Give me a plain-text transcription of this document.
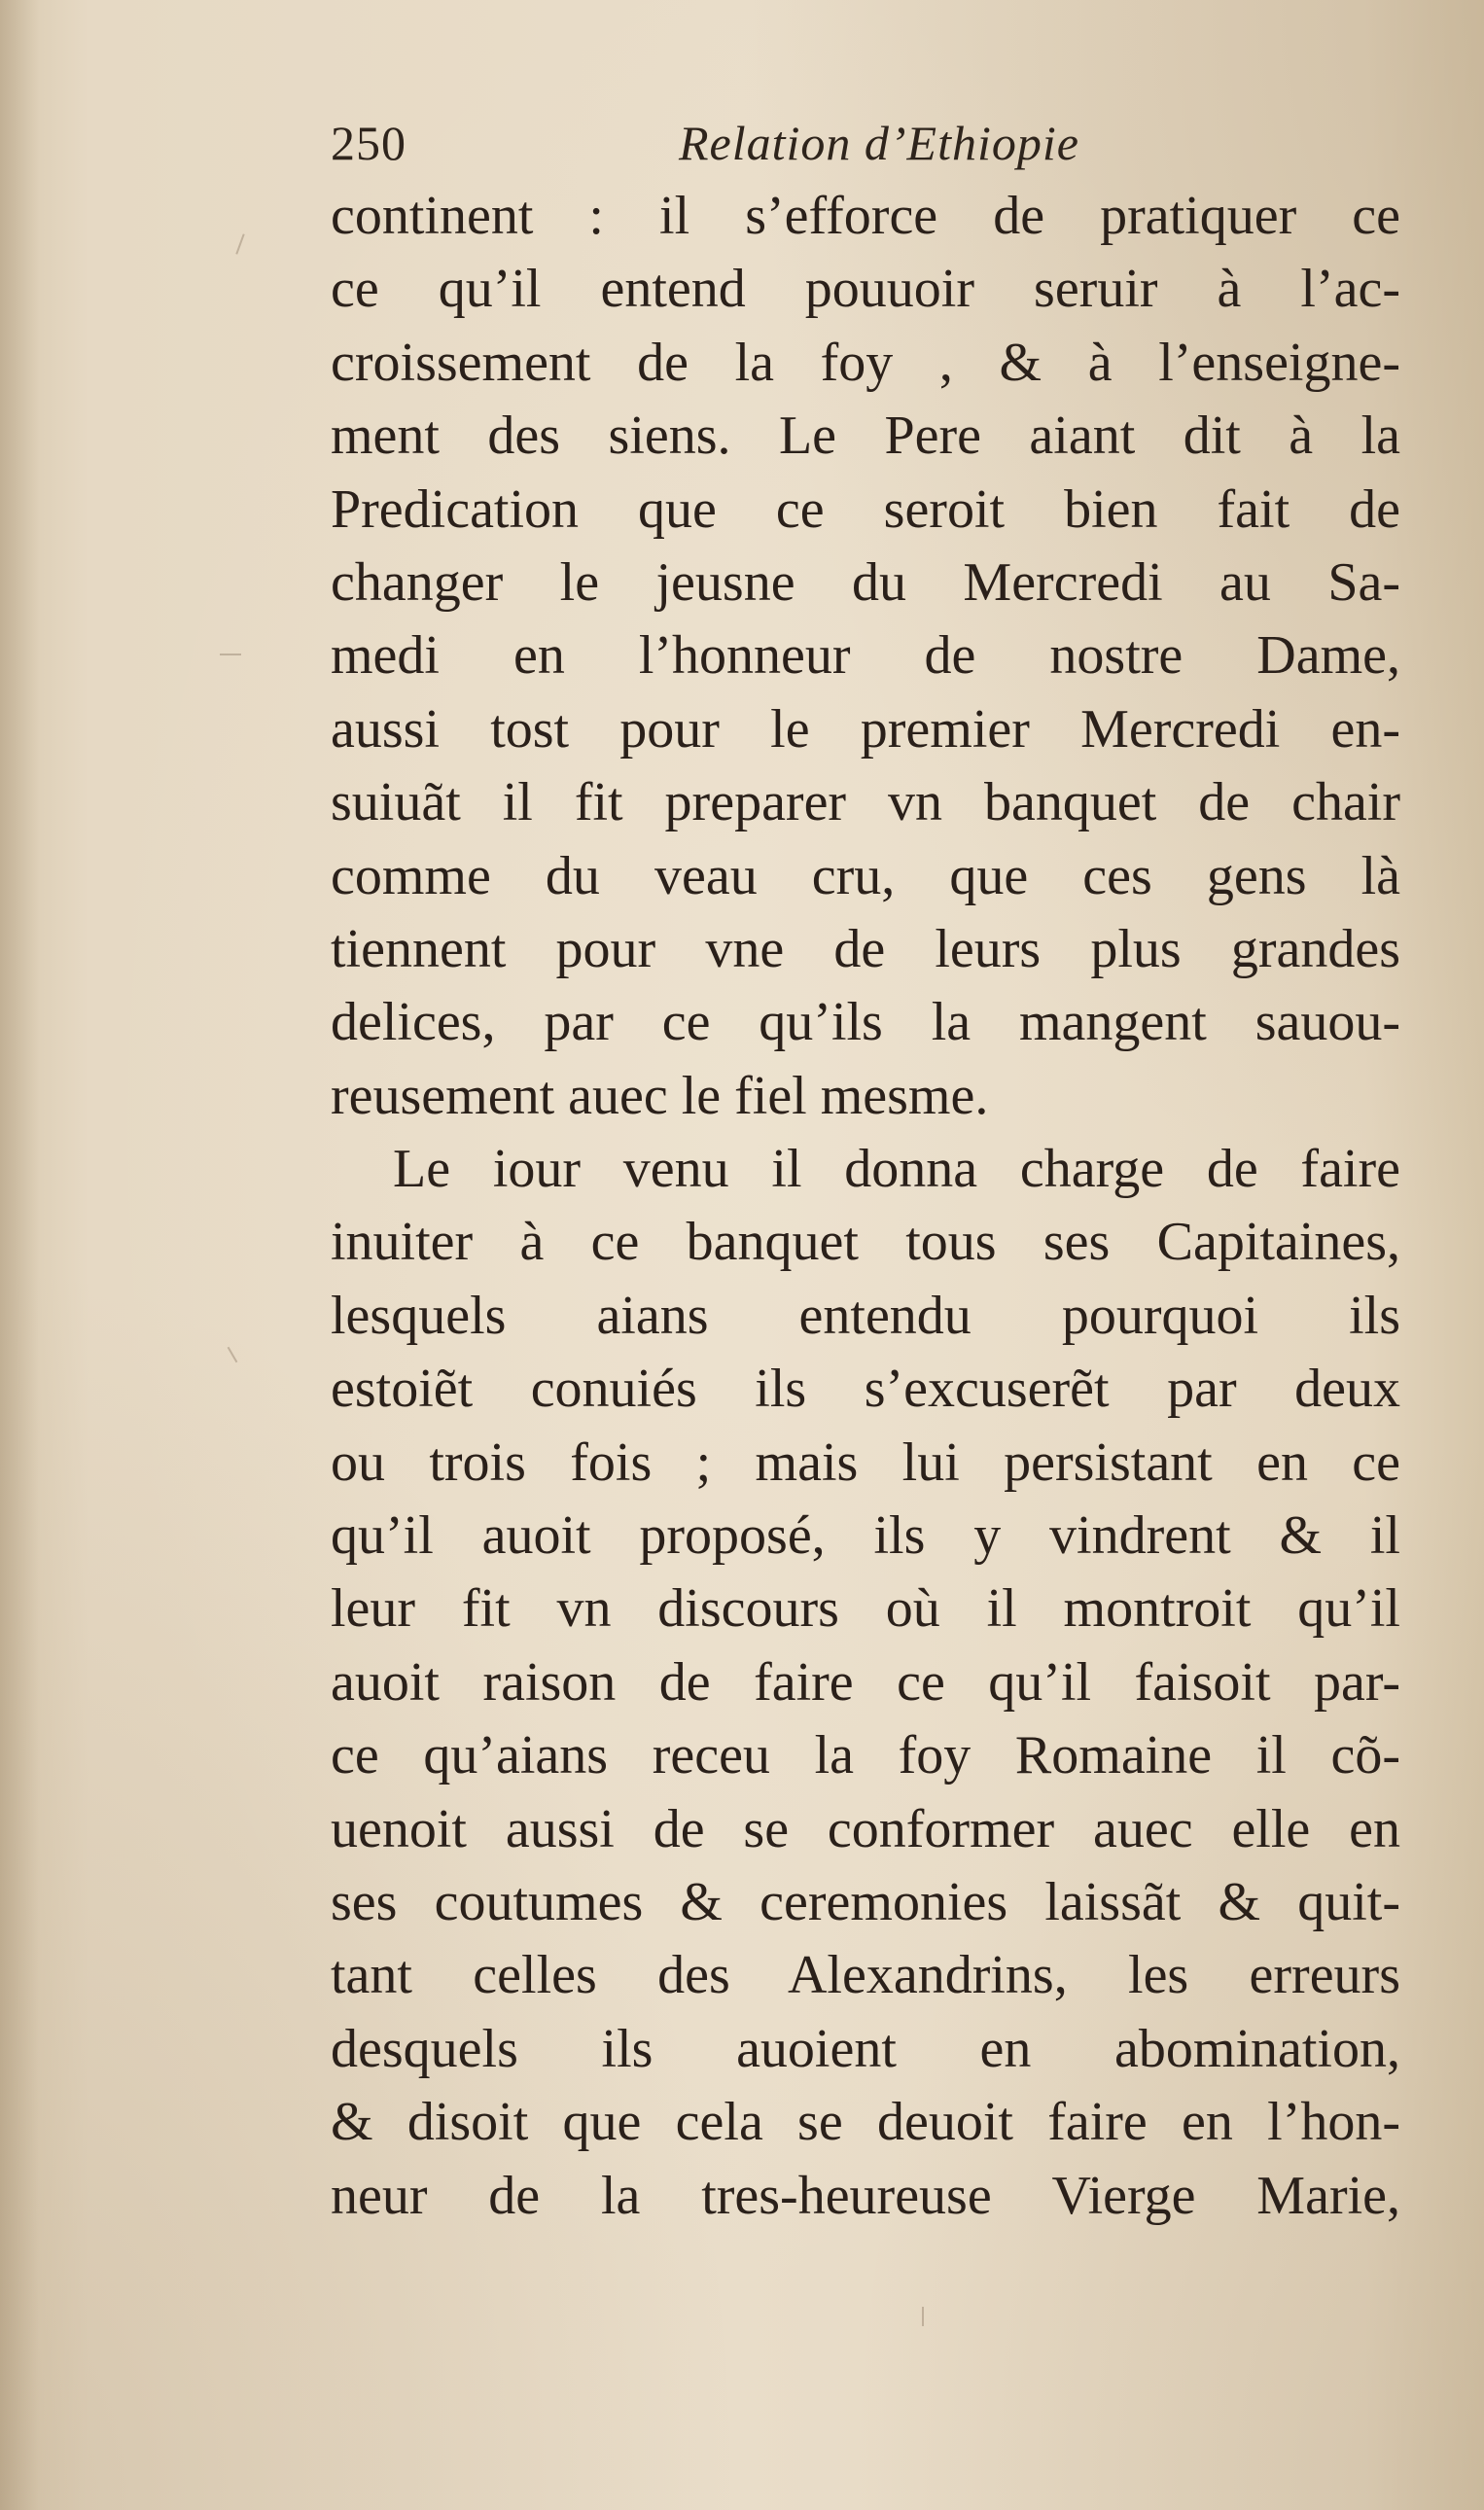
250	Relation d’Ethiopie
continent : il s’efforce de pratiquer ce
ce qu’il entend pouuoir seruir à l’ac-
croissement de la foy , & à l’enseigne-
ment des siens. Le Pere aiant dit à la
Predication que ce seroit bien fait de
changer le jeusne du Mercredi au Sa-
medi en l’honneur de nostre Dame,
aussi tost pour le premier Mercredi en-
suiuãt il fit preparer vn banquet de chair
comme du veau cru, que ces gens là
tiennent pour vne de leurs plus grandes
delices, par ce qu’ils la mangent sauou-
reusement auec le fiel mesme.
Le iour venu il donna charge de faire
inuiter à ce banquet tous ses Capitaines,
lesquels aians entendu pourquoi ils
estoiẽt conuiés ils s’excuserẽt par deux
ou trois fois ; mais lui persistant en ce
qu’il auoit proposé, ils y vindrent & il
leur fit vn discours où il montroit qu’il
auoit raison de faire ce qu’il faisoit par-
ce qu’aians receu la foy Romaine il cõ-
uenoit aussi de se conformer auec elle en
ses coutumes & ceremonies laissãt & quit-
tant celles des Alexandrins, les erreurs
desquels ils auoient en abomination,
& disoit que cela se deuoit faire en l’hon-
neur de la tres-heureuse Vierge Marie,
